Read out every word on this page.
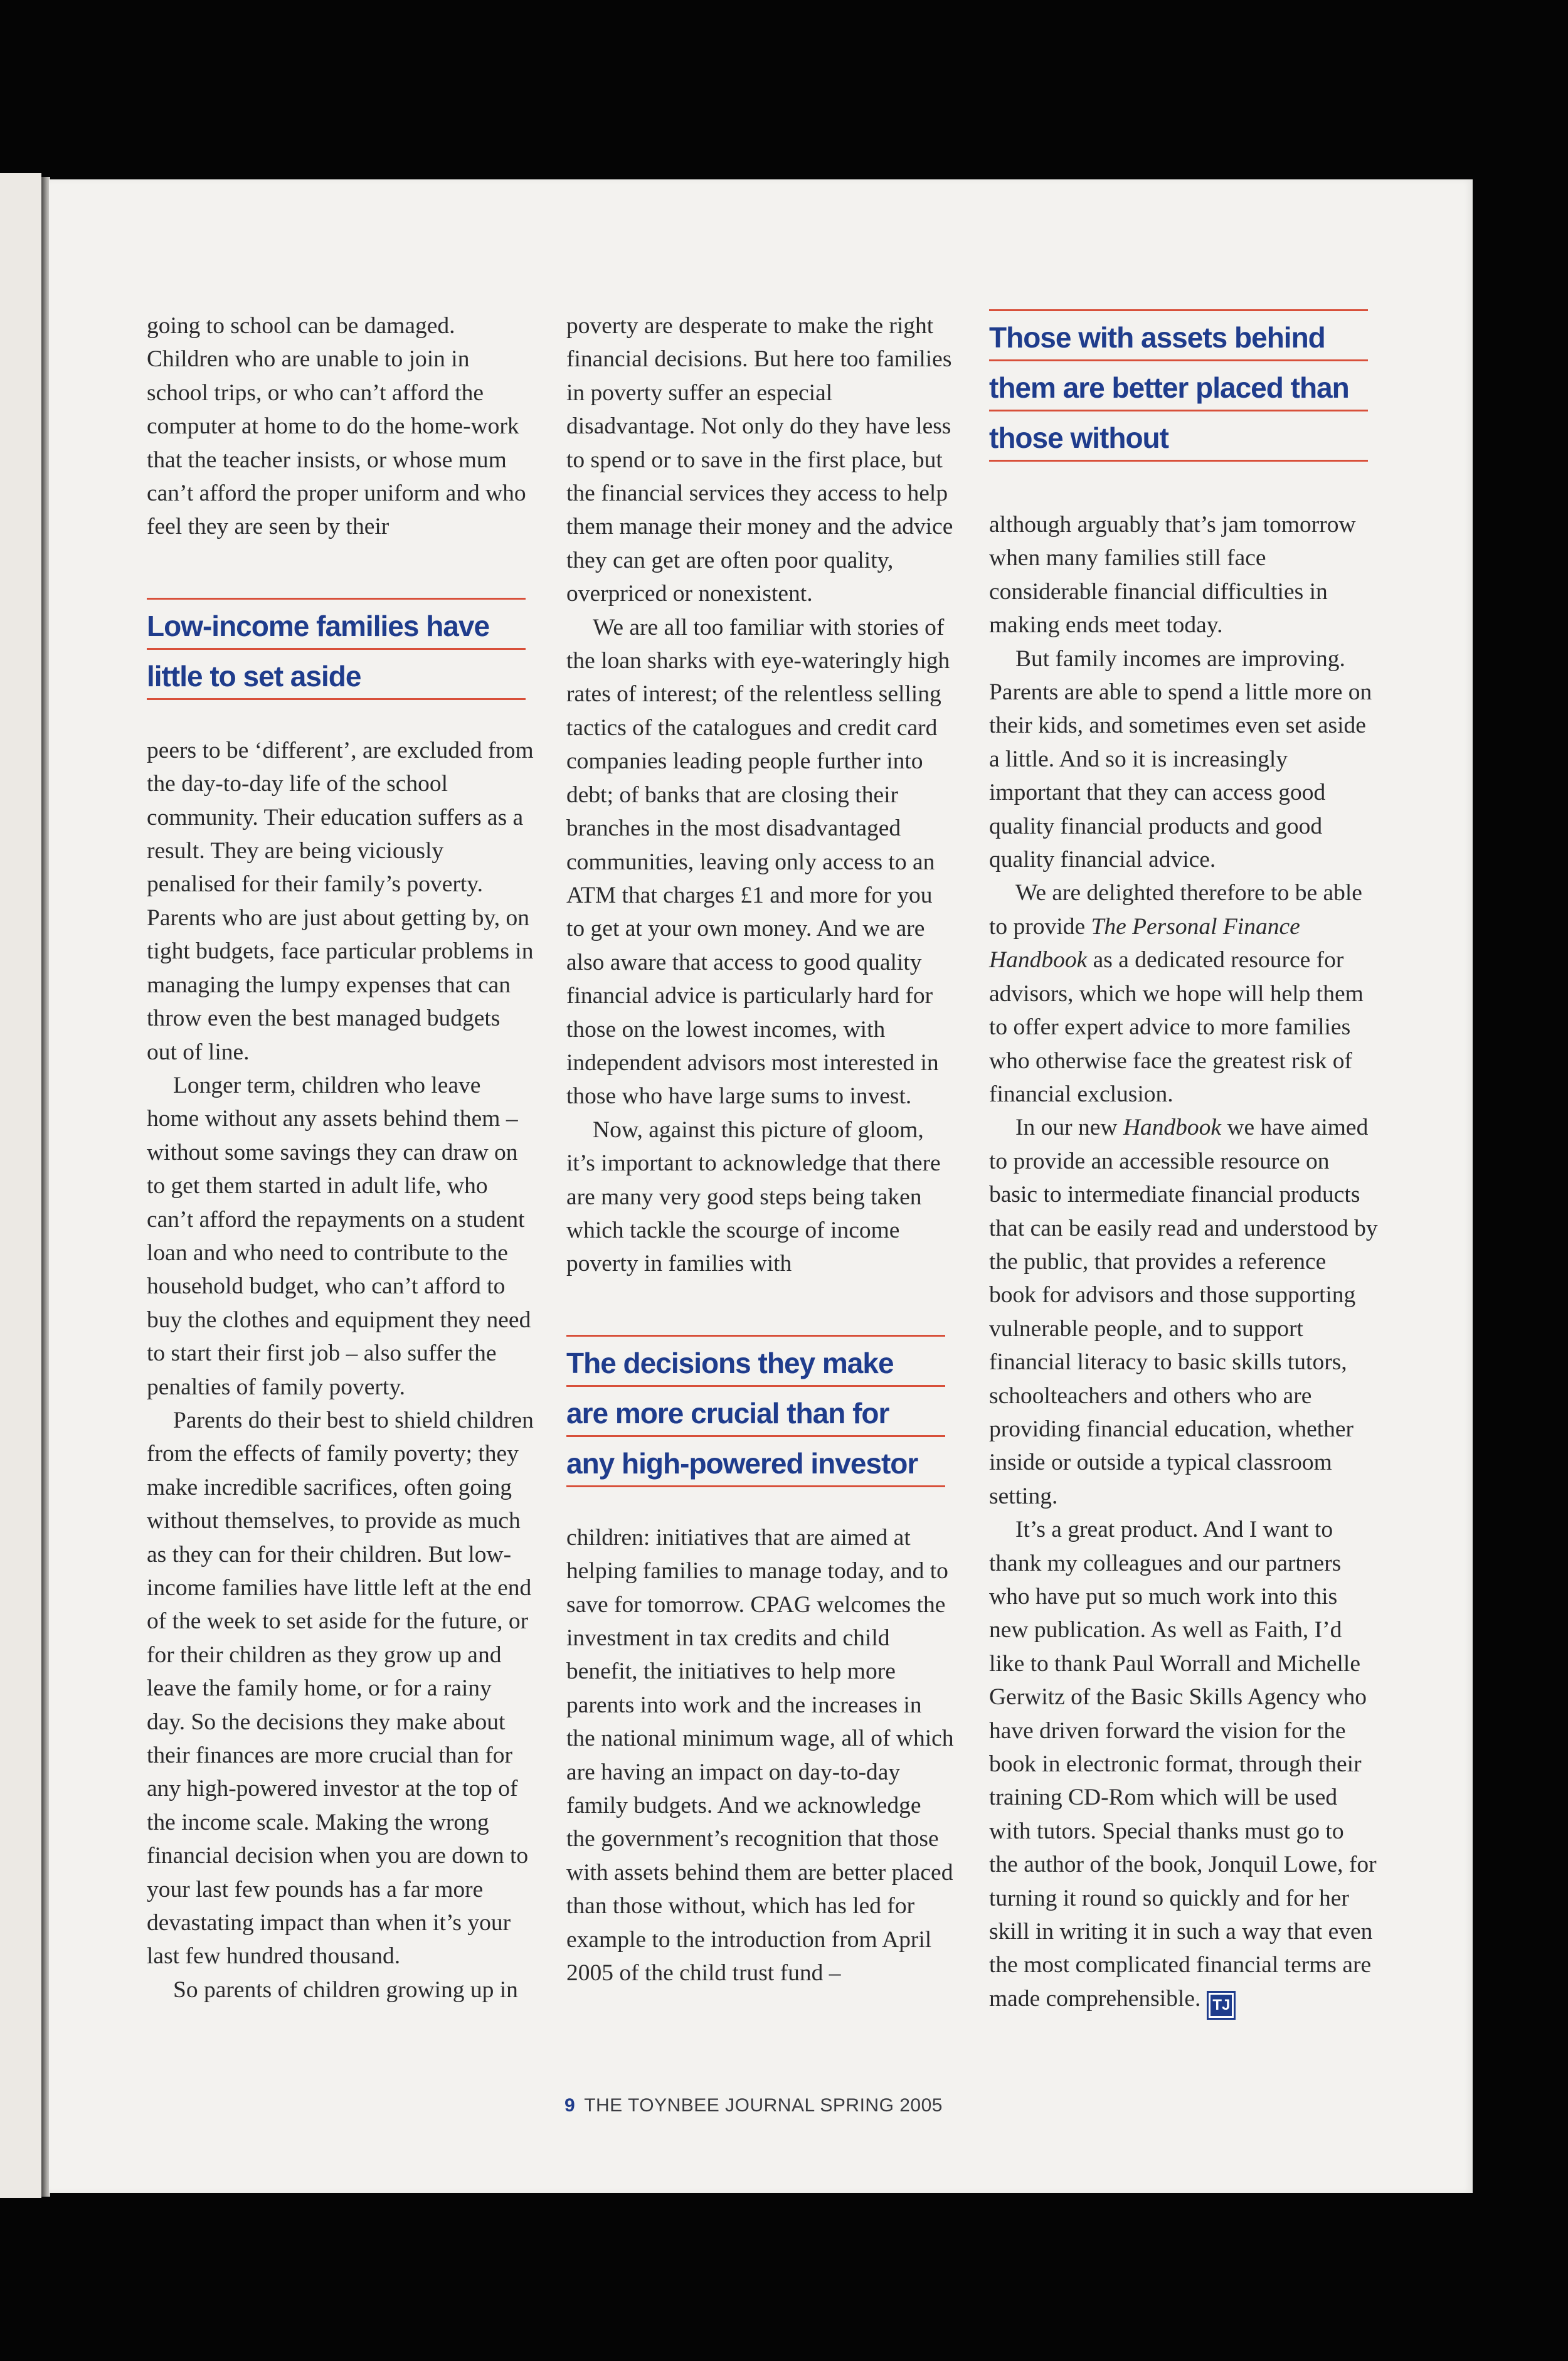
going to school can be damaged. Children who are unable to join in school trips, or who can’t afford the computer at home to do the home-work that the teacher insists, or whose mum can’t afford the proper uniform and who feel they are seen by their

Low-income families have
little to set aside

peers to be ‘different’, are excluded from the day-to-day life of the school community. Their education suffers as a result. They are being viciously penalised for their family’s poverty. Parents who are just about getting by, on tight budgets, face particular problems in managing the lumpy expenses that can throw even the best managed budgets out of line.

Longer term, children who leave home without any assets behind them – without some savings they can draw on to get them started in adult life, who can’t afford the repayments on a student loan and who need to contribute to the household budget, who can’t afford to buy the clothes and equipment they need to start their first job – also suffer the penalties of family poverty.

Parents do their best to shield children from the effects of family poverty; they make incredible sacrifices, often going without themselves, to provide as much as they can for their children. But low-income families have little left at the end of the week to set aside for the future, or for their children as they grow up and leave the family home, or for a rainy day. So the decisions they make about their finances are more crucial than for any high-powered investor at the top of the income scale. Making the wrong financial decision when you are down to your last few pounds has a far more devastating impact than when it’s your last few hundred thousand.

So parents of children growing up in

poverty are desperate to make the right financial decisions. But here too families in poverty suffer an especial disadvantage. Not only do they have less to spend or to save in the first place, but the financial services they access to help them manage their money and the advice they can get are often poor quality, overpriced or nonexistent.

We are all too familiar with stories of the loan sharks with eye-wateringly high rates of interest; of the relentless selling tactics of the catalogues and credit card companies leading people further into debt; of banks that are closing their branches in the most disadvantaged communities, leaving only access to an ATM that charges £1 and more for you to get at your own money. And we are also aware that access to good quality financial advice is particularly hard for those on the lowest incomes, with independent advisors most interested in those who have large sums to invest.

Now, against this picture of gloom, it’s important to acknowledge that there are many very good steps being taken which tackle the scourge of income poverty in families with

The decisions they make
are more crucial than for
any high-powered investor

children: initiatives that are aimed at helping families to manage today, and to save for tomorrow. CPAG welcomes the investment in tax credits and child benefit, the initiatives to help more parents into work and the increases in the national minimum wage, all of which are having an impact on day-to-day family budgets. And we acknowledge the government’s recognition that those with assets behind them are better placed than those without, which has led for example to the introduction from April 2005 of the child trust fund –

Those with assets behind
them are better placed than
those without

although arguably that’s jam tomorrow when many families still face considerable financial difficulties in making ends meet today.

But family incomes are improving. Parents are able to spend a little more on their kids, and sometimes even set aside a little. And so it is increasingly important that they can access good quality financial products and good quality financial advice.

We are delighted therefore to be able to provide The Personal Finance Handbook as a dedicated resource for advisors, which we hope will help them to offer expert advice to more families who otherwise face the greatest risk of financial exclusion.

In our new Handbook we have aimed to provide an accessible resource on basic to intermediate financial products that can be easily read and understood by the public, that provides a reference book for advisors and those supporting vulnerable people, and to support financial literacy to basic skills tutors, schoolteachers and others who are providing financial education, whether inside or outside a typical classroom setting.

It’s a great product. And I want to thank my colleagues and our partners who have put so much work into this new publication. As well as Faith, I’d like to thank Paul Worrall and Michelle Gerwitz of the Basic Skills Agency who have driven forward the vision for the book in electronic format, through their training CD-Rom which will be used with tutors. Special thanks must go to the author of the book, Jonquil Lowe, for turning it round so quickly and for her skill in writing it in such a way that even the most complicated financial terms are made comprehensible. TJ

9 THE TOYNBEE JOURNAL SPRING 2005
